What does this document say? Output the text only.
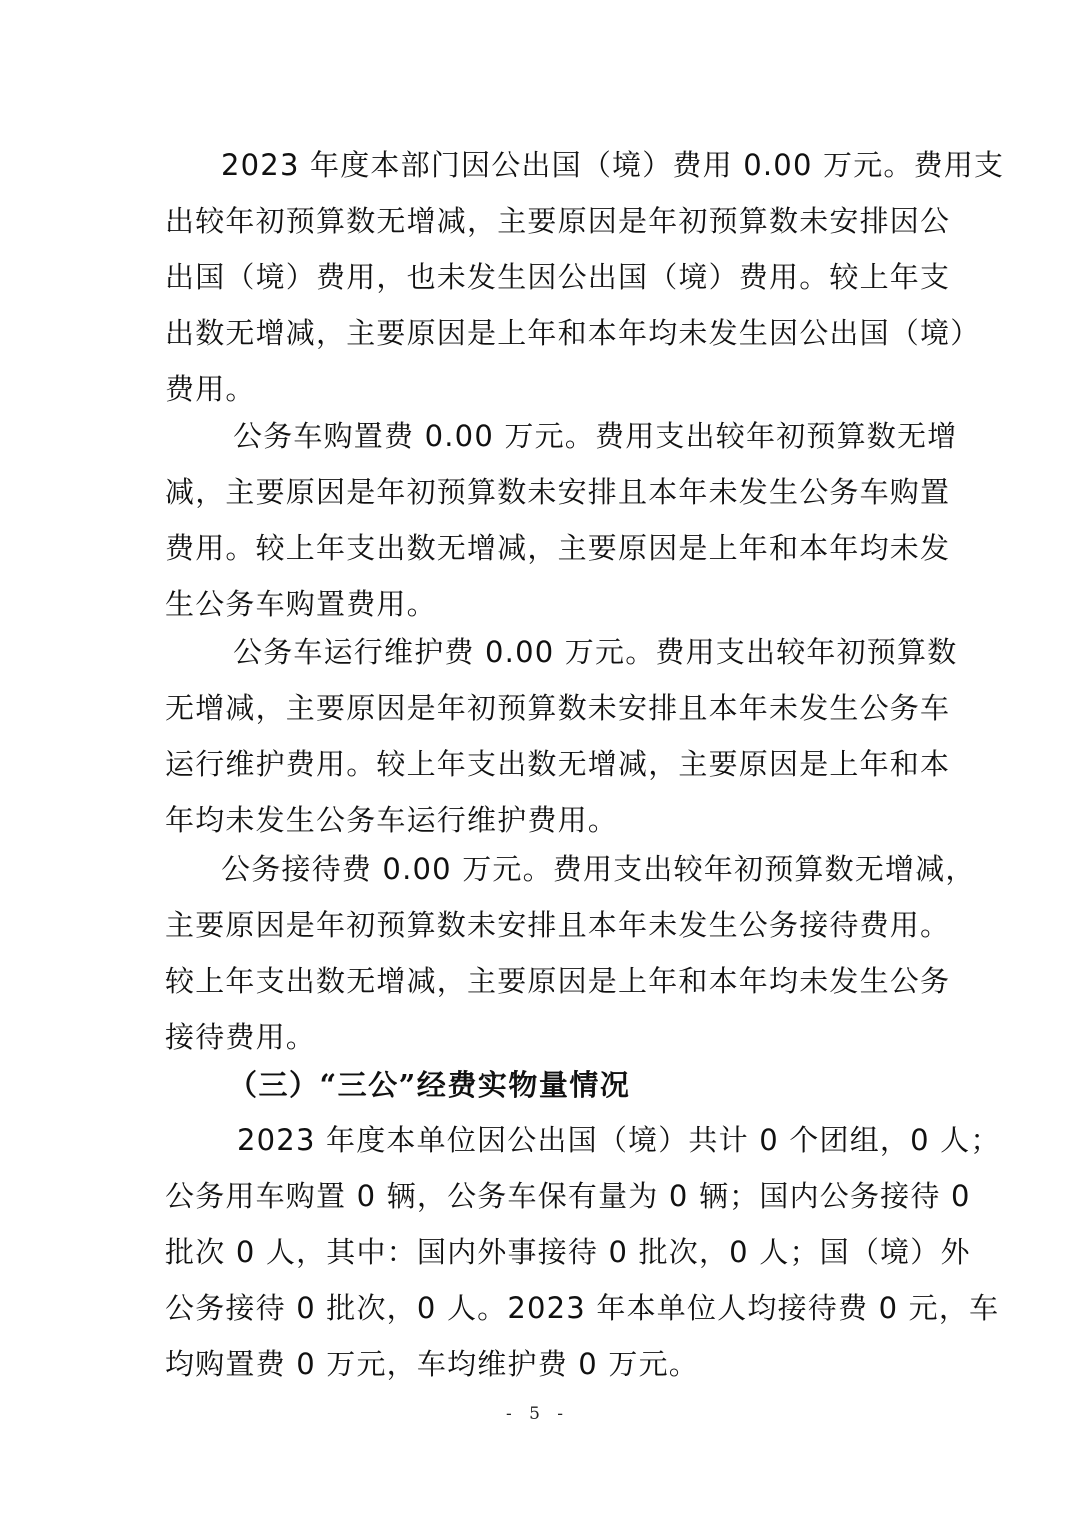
2023 年度本部门因公出国（境）费用 0.00 万元。费用支
出较年初预算数无增减，主要原因是年初预算数未安排因公
出国（境）费用，也未发生因公出国（境）费用。较上年支
出数无增减，主要原因是上年和本年均未发生因公出国（境）
费用。
公务车购置费 0.00 万元。费用支出较年初预算数无增
减，主要原因是年初预算数未安排且本年未发生公务车购置
费用。较上年支出数无增减，主要原因是上年和本年均未发
生公务车购置费用。
公务车运行维护费 0.00 万元。费用支出较年初预算数
无增减，主要原因是年初预算数未安排且本年未发生公务车
运行维护费用。较上年支出数无增减，主要原因是上年和本
年均未发生公务车运行维护费用。
公务接待费 0.00 万元。费用支出较年初预算数无增减，
主要原因是年初预算数未安排且本年未发生公务接待费用。
较上年支出数无增减，主要原因是上年和本年均未发生公务
接待费用。
（三）“三公”经费实物量情况
2023 年度本单位因公出国（境）共计 0 个团组，0 人；
公务用车购置 0 辆，公务车保有量为 0 辆；国内公务接待 0
批次 0 人，其中：国内外事接待 0 批次，0 人；国（境）外
公务接待 0 批次，0 人。2023 年本单位人均接待费 0 元，车
均购置费 0 万元，车均维护费 0 万元。
- 5 -
